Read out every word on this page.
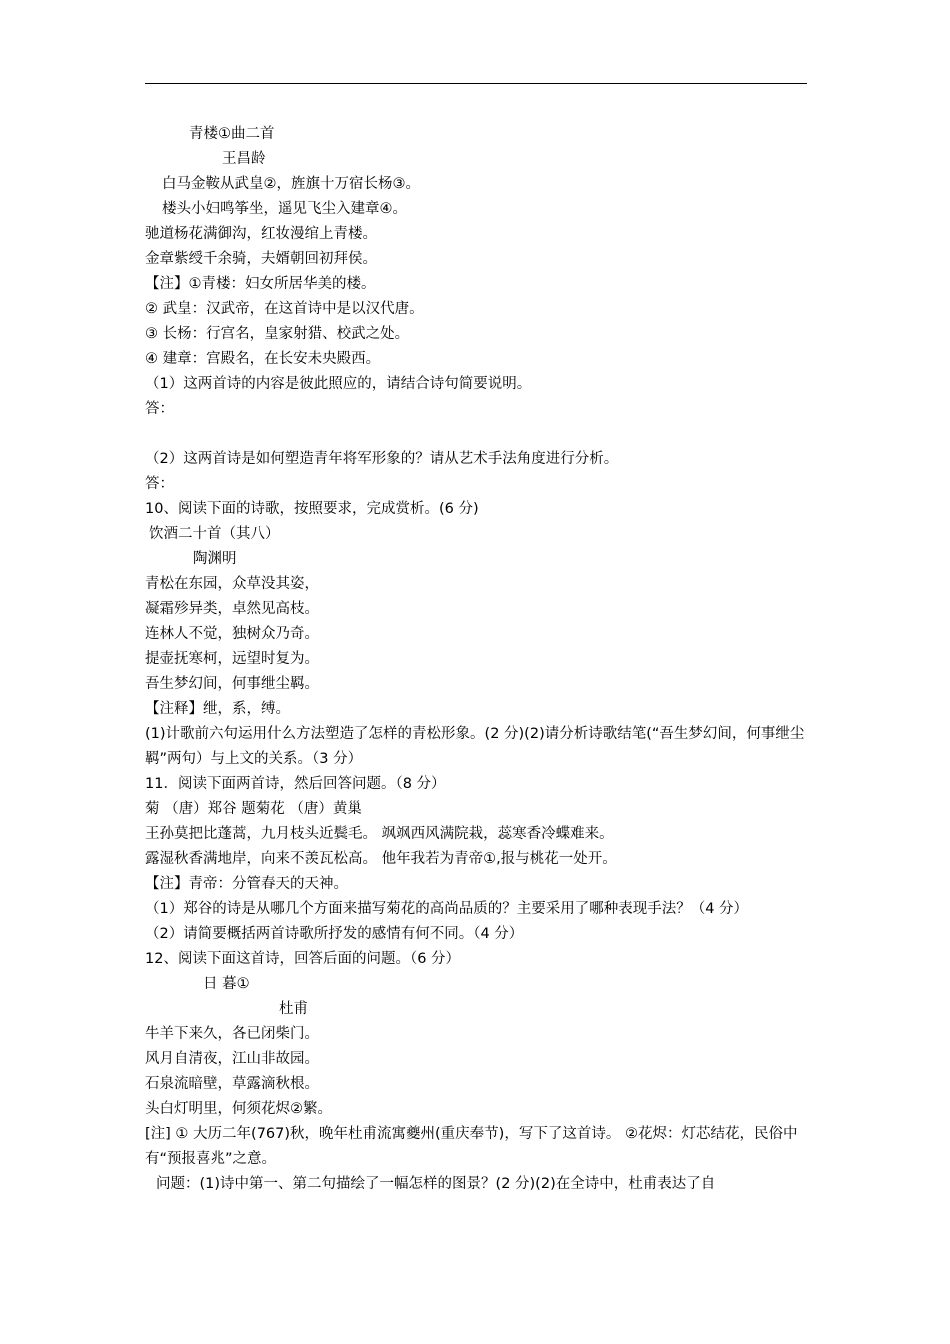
青楼①曲二首
王昌龄
白马金鞍从武皇②，旌旗十万宿长杨③。
楼头小妇鸣筝坐，遥见飞尘入建章④。
驰道杨花满御沟，红妆漫绾上青楼。
金章紫绶千余骑，夫婿朝回初拜侯。
【注】①青楼：妇女所居华美的楼。
② 武皇：汉武帝，在这首诗中是以汉代唐。
③ 长杨：行宫名，皇家射猎、校武之处。
④ 建章：宫殿名，在长安未央殿西。
（1）这两首诗的内容是彼此照应的，请结合诗句简要说明。
答：
（2）这两首诗是如何塑造青年将军形象的？请从艺术手法角度进行分析。
答：
10、阅读下面的诗歌，按照要求，完成赏析。(6 分)
饮酒二十首（其八）
陶渊明
青松在东园，众草没其姿，
凝霜殄异类，卓然见高枝。
连林人不觉，独树众乃奇。
提壶抚寒柯，远望时复为。
吾生梦幻间，何事绁尘羁。
【注释】绁，系，缚。
(1)计歌前六句运用什么方法塑造了怎样的青松形象。(2 分)(2)请分析诗歌结笔(“吾生梦幻间，何事绁尘羁”两句）与上文的关系。（3 分）
11．阅读下面两首诗，然后回答问题。（8 分）
菊 （唐）郑谷 题菊花 （唐）黄巢
王孙莫把比蓬蒿，九月枝头近鬓毛。 飒飒西风满院栽，蕊寒香冷蝶难来。
露湿秋香满地岸，向来不羡瓦松高。 他年我若为青帝①,报与桃花一处开。
【注】青帝：分管春天的天神。
（1）郑谷的诗是从哪几个方面来描写菊花的高尚品质的？主要采用了哪种表现手法？（4 分）
（2）请简要概括两首诗歌所抒发的感情有何不同。（4 分）
12、阅读下面这首诗，回答后面的问题。（6 分）
日 暮①
杜甫
牛羊下来久，各已闭柴门。
风月自清夜，江山非故园。
石泉流暗壁，草露滴秋根。
头白灯明里，何须花烬②繁。
[注] ① 大历二年(767)秋，晚年杜甫流寓夔州(重庆奉节)，写下了这首诗。 ②花烬：灯芯结花，民俗中有“预报喜兆”之意。
问题：(1)诗中第一、第二句描绘了一幅怎样的图景？(2 分)(2)在全诗中，杜甫表达了自
